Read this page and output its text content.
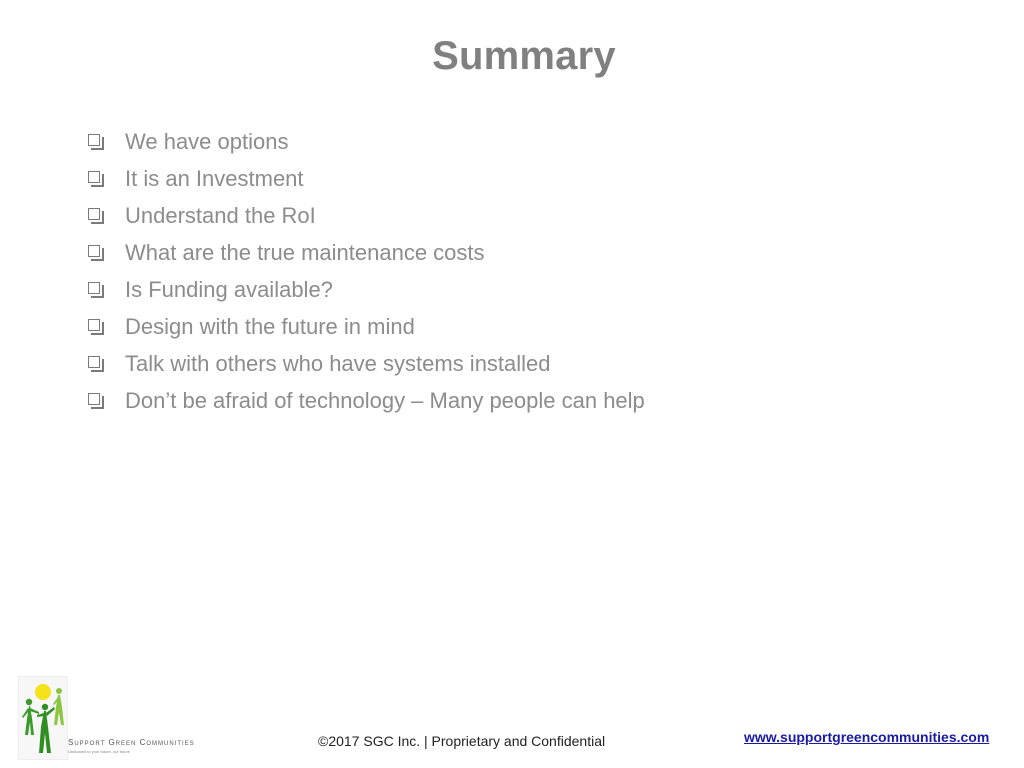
Summary
We have options
It is an Investment
Understand the RoI
What are the true maintenance costs
Is Funding available?
Design with the future in mind
Talk with others who have systems installed
Don’t be afraid of technology – Many people can help
Support Green Communities
Dedicated to your future, our future
©2017 SGC Inc. | Proprietary and Confidential	www.supportgreencommunities.com
